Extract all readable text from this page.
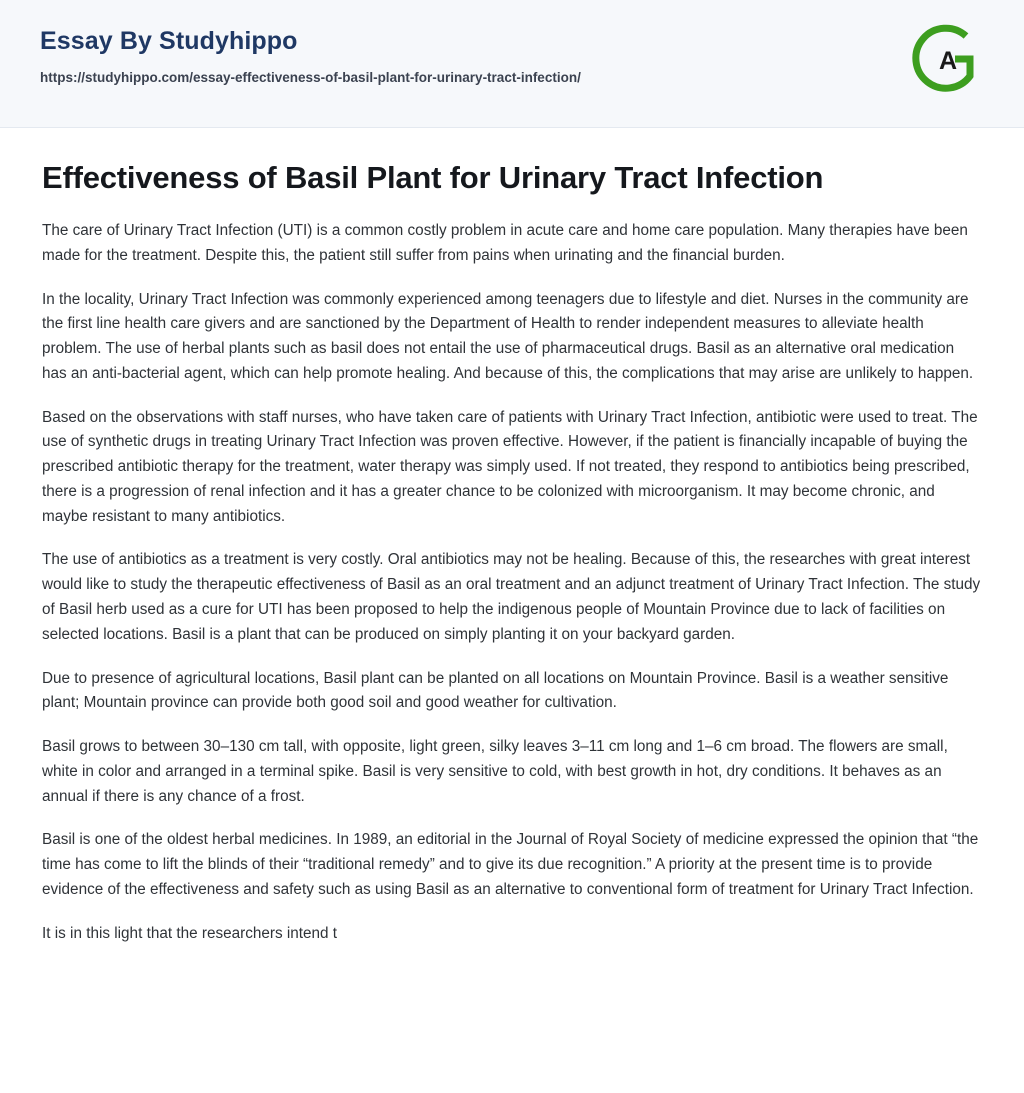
Essay By Studyhippo
https://studyhippo.com/essay-effectiveness-of-basil-plant-for-urinary-tract-infection/
A
Effectiveness of Basil Plant for Urinary Tract Infection

The care of Urinary Tract Infection (UTI) is a common costly problem in acute care and home care population. Many therapies have been made for the treatment. Despite this, the patient still suffer from pains when urinating and the financial burden.

In the locality, Urinary Tract Infection was commonly experienced among teenagers due to lifestyle and diet. Nurses in the community are the first line health care givers and are sanctioned by the Department of Health to render independent measures to alleviate health problem. The use of herbal plants such as basil does not entail the use of pharmaceutical drugs. Basil as an alternative oral medication has an anti-bacterial agent, which can help promote healing. And because of this, the complications that may arise are unlikely to happen.

Based on the observations with staff nurses, who have taken care of patients with Urinary Tract Infection, antibiotic were used to treat. The use of synthetic drugs in treating Urinary Tract Infection was proven effective. However, if the patient is financially incapable of buying the prescribed antibiotic therapy for the treatment, water therapy was simply used. If not treated, they respond to antibiotics being prescribed, there is a progression of renal infection and it has a greater chance to be colonized with microorganism. It may become chronic, and maybe resistant to many antibiotics.

The use of antibiotics as a treatment is very costly. Oral antibiotics may not be healing. Because of this, the researches with great interest would like to study the therapeutic effectiveness of Basil as an oral treatment and an adjunct treatment of Urinary Tract Infection. The study of Basil herb used as a cure for UTI has been proposed to help the indigenous people of Mountain Province due to lack of facilities on selected locations. Basil is a plant that can be produced on simply planting it on your backyard garden.

Due to presence of agricultural locations, Basil plant can be planted on all locations on Mountain Province. Basil is a weather sensitive plant; Mountain province can provide both good soil and good weather for cultivation.

Basil grows to between 30–130 cm tall, with opposite, light green, silky leaves 3–11 cm long and 1–6 cm broad. The flowers are small, white in color and arranged in a terminal spike. Basil is very sensitive to cold, with best growth in hot, dry conditions. It behaves as an annual if there is any chance of a frost.

Basil is one of the oldest herbal medicines. In 1989, an editorial in the Journal of Royal Society of medicine expressed the opinion that “the time has come to lift the blinds of their “traditional remedy” and to give its due recognition.” A priority at the present time is to provide evidence of the effectiveness and safety such as using Basil as an alternative to conventional form of treatment for Urinary Tract Infection.

It is in this light that the researchers intend t
